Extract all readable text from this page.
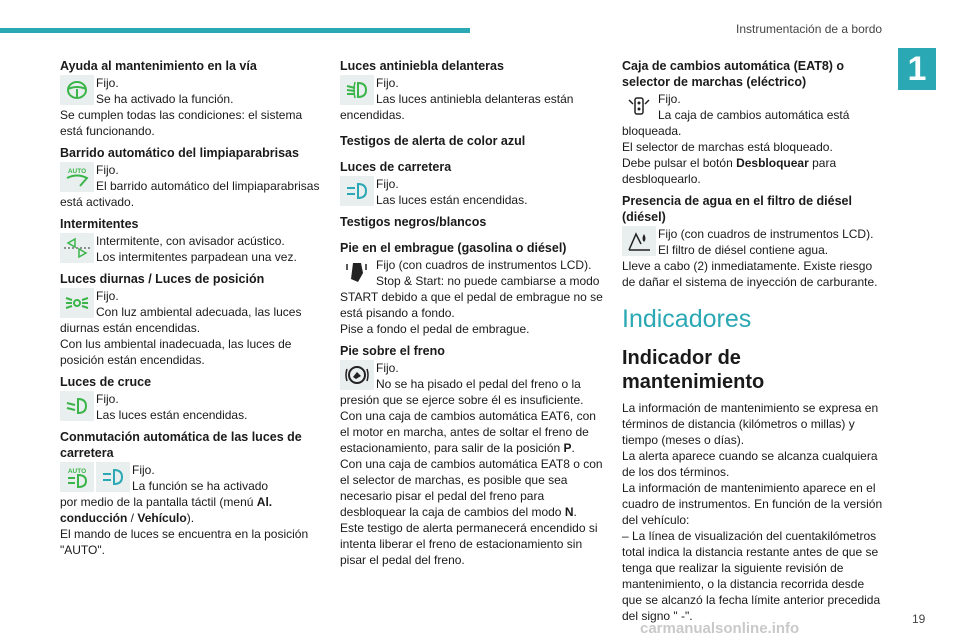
Instrumentación de a bordo
1
Ayuda al mantenimiento en la vía

Fijo.

Se ha activado la función.

Se cumplen todas las condiciones: el sistema está funcionando.

Barrido automático del limpiaparabrisas
AUTO Fijo.

El barrido automático del limpiaparabrisas

está activado.

Intermitentes

Intermitente, con avisador acústico.

Los intermitentes parpadean una vez.

Luces diurnas / Luces de posición

Fijo.

Con luz ambiental adecuada, las luces

diurnas están encendidas.

Con lus ambiental inadecuada, las luces de posición están encendidas.

Luces de cruce

Fijo.

Las luces están encendidas.

Conmutación automática de las luces de carretera
AUTO	Fijo.

La función se ha activado

por medio de la pantalla táctil (menú Al. conducción / Vehículo).

El mando de luces se encuentra en la posición "AUTO".

Luces antiniebla delanteras

Fijo.

Las luces antiniebla delanteras están

encendidas.

Testigos de alerta de color azul
Luces de carretera

Fijo.

Las luces están encendidas.

Testigos negros/blancos
Pie en el embrague (gasolina o diésel)

Fijo (con cuadros de instrumentos LCD).

Stop & Start: no puede cambiarse a modo

START debido a que el pedal de embrague no se está pisando a fondo.

Pise a fondo el pedal de embrague.

Pie sobre el freno

Fijo.

No se ha pisado el pedal del freno o la

presión que se ejerce sobre él es insuficiente.

Con una caja de cambios automática EAT6, con el motor en marcha, antes de soltar el freno de estacionamiento, para salir de la posición P.

Con una caja de cambios automática EAT8 o con el selector de marchas, es posible que sea necesario pisar el pedal del freno para desbloquear la caja de cambios del modo N.

Este testigo de alerta permanecerá encendido si intenta liberar el freno de estacionamiento sin pisar el pedal del freno.

Caja de cambios automática (EAT8) o selector de marchas (eléctrico)

Fijo.

La caja de cambios automática está

bloqueada.

El selector de marchas está bloqueado.

Debe pulsar el botón Desbloquear para desbloquearlo.

Presencia de agua en el filtro de diésel (diésel)

Fijo (con cuadros de instrumentos LCD).

El filtro de diésel contiene agua.

Lleve a cabo (2) inmediatamente. Existe riesgo de dañar el sistema de inyección de carburante.

Indicadores
Indicador de mantenimiento

La información de mantenimiento se expresa en términos de distancia (kilómetros o millas) y tiempo (meses o días).

La alerta aparece cuando se alcanza cualquiera de los dos términos.

La información de mantenimiento aparece en el cuadro de instrumentos. En función de la versión del vehículo:

– La línea de visualización del cuentakilómetros total indica la distancia restante antes de que se tenga que realizar la siguiente revisión de mantenimiento, o la distancia recorrida desde que se alcanzó la fecha límite anterior precedida del signo " -".	19
carmanualsonline.info
